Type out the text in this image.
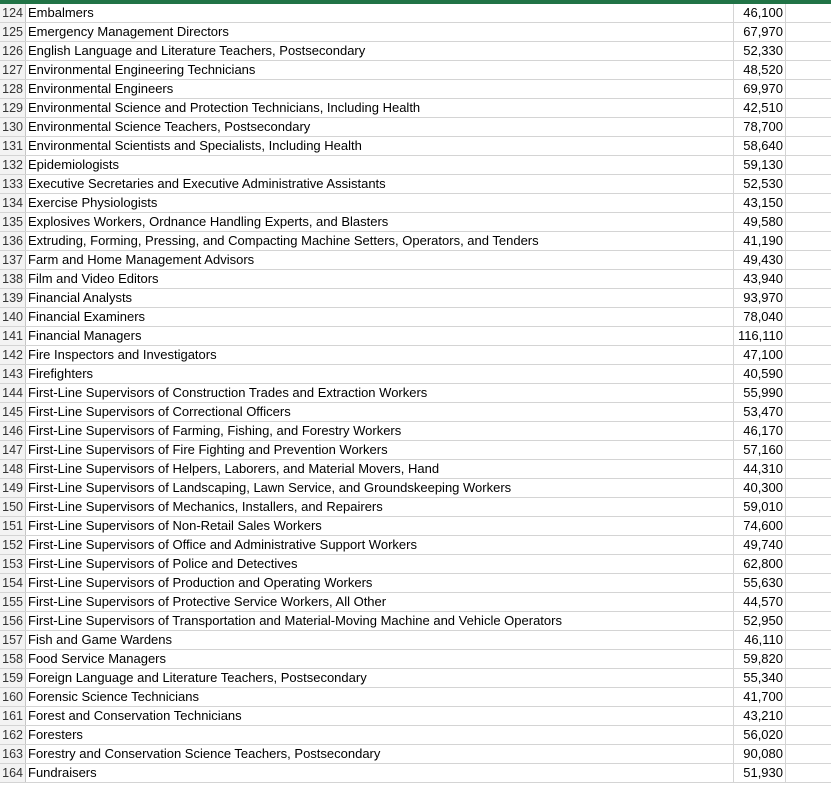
124 Embalmers	46,100
125 Emergency Management Directors	67,970
126 English Language and Literature Teachers, Postsecondary	52,330
127 Environmental Engineering Technicians	48,520
128 Environmental Engineers	69,970
129 Environmental Science and Protection Technicians, Including Health	42,510
130 Environmental Science Teachers, Postsecondary	78,700
131 Environmental Scientists and Specialists, Including Health	58,640
132 Epidemiologists	59,130
133 Executive Secretaries and Executive Administrative Assistants	52,530
134 Exercise Physiologists	43,150
135 Explosives Workers, Ordnance Handling Experts, and Blasters	49,580
136 Extruding, Forming, Pressing, and Compacting Machine Setters, Operators, and Tenders	41,190
137 Farm and Home Management Advisors	49,430
138 Film and Video Editors	43,940
139 Financial Analysts	93,970
140 Financial Examiners	78,040
141 Financial Managers	116,110
142 Fire Inspectors and Investigators	47,100
143 Firefighters	40,590
144 First-Line Supervisors of Construction Trades and Extraction Workers	55,990
145 First-Line Supervisors of Correctional Officers	53,470
146 First-Line Supervisors of Farming, Fishing, and Forestry Workers	46,170
147 First-Line Supervisors of Fire Fighting and Prevention Workers	57,160
148 First-Line Supervisors of Helpers, Laborers, and Material Movers, Hand	44,310
149 First-Line Supervisors of Landscaping, Lawn Service, and Groundskeeping Workers	40,300
150 First-Line Supervisors of Mechanics, Installers, and Repairers	59,010
151 First-Line Supervisors of Non-Retail Sales Workers	74,600
152 First-Line Supervisors of Office and Administrative Support Workers	49,740
153 First-Line Supervisors of Police and Detectives	62,800
154 First-Line Supervisors of Production and Operating Workers	55,630
155 First-Line Supervisors of Protective Service Workers, All Other	44,570
156 First-Line Supervisors of Transportation and Material-Moving Machine and Vehicle Operators	52,950
157 Fish and Game Wardens	46,110
158 Food Service Managers	59,820
159 Foreign Language and Literature Teachers, Postsecondary	55,340
160 Forensic Science Technicians	41,700
161 Forest and Conservation Technicians	43,210
162 Foresters	56,020
163 Forestry and Conservation Science Teachers, Postsecondary	90,080
164 Fundraisers	51,930
